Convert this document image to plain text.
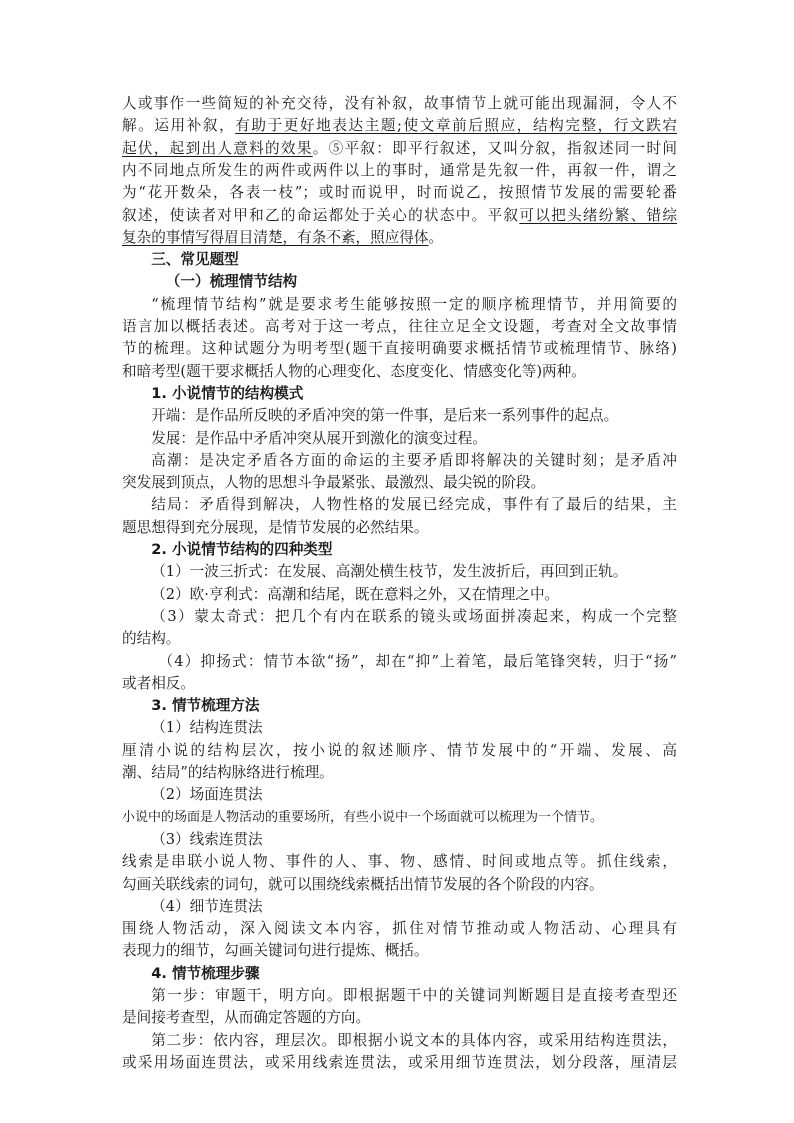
人或事作一些简短的补充交待，没有补叙，故事情节上就可能出现漏洞，令人不
解。运用补叙，有助于更好地表达主题;使文章前后照应，结构完整，行文跌宕
起伏，起到出人意料的效果。⑤平叙：即平行叙述，又叫分叙，指叙述同一时间
内不同地点所发生的两件或两件以上的事时，通常是先叙一件，再叙一件，谓之
为“花开数朵，各表一枝”；或时而说甲，时而说乙，按照情节发展的需要轮番
叙述，使读者对甲和乙的命运都处于关心的状态中。平叙可以把头绪纷繁、错综
复杂的事情写得眉目清楚，有条不紊，照应得体。
三、常见题型
（一）梳理情节结构
“梳理情节结构”就是要求考生能够按照一定的顺序梳理情节，并用简要的
语言加以概括表述。高考对于这一考点，往往立足全文设题，考查对全文故事情
节的梳理。这种试题分为明考型(题干直接明确要求概括情节或梳理情节、脉络)
和暗考型(题干要求概括人物的心理变化、态度变化、情感变化等)两种。
1. 小说情节的结构模式
开端：是作品所反映的矛盾冲突的第一件事，是后来一系列事件的起点。
发展：是作品中矛盾冲突从展开到激化的演变过程。
高潮：是决定矛盾各方面的命运的主要矛盾即将解决的关键时刻；是矛盾冲
突发展到顶点，人物的思想斗争最紧张、最激烈、最尖锐的阶段。
结局：矛盾得到解决，人物性格的发展已经完成，事件有了最后的结果，主
题思想得到充分展现，是情节发展的必然结果。
2. 小说情节结构的四种类型
（1）一波三折式：在发展、高潮处横生枝节，发生波折后，再回到正轨。
（2）欧·亨利式：高潮和结尾，既在意料之外，又在情理之中。
（3）蒙太奇式：把几个有内在联系的镜头或场面拼凑起来，构成一个完整
的结构。
（4）抑扬式：情节本欲“扬”，却在“抑”上着笔，最后笔锋突转，归于“扬”
或者相反。
3. 情节梳理方法
（1）结构连贯法
厘清小说的结构层次，按小说的叙述顺序、情节发展中的“开端、发展、高
潮、结局”的结构脉络进行梳理。
（2）场面连贯法
小说中的场面是人物活动的重要场所，有些小说中一个场面就可以梳理为一个情节。
（3）线索连贯法
线索是串联小说人物、事件的人、事、物、感情、时间或地点等。抓住线索，
勾画关联线索的词句，就可以围绕线索概括出情节发展的各个阶段的内容。
（4）细节连贯法
围绕人物活动，深入阅读文本内容，抓住对情节推动或人物活动、心理具有
表现力的细节，勾画关键词句进行提炼、概括。
4. 情节梳理步骤
第一步：审题干，明方向。即根据题干中的关键词判断题目是直接考查型还
是间接考查型，从而确定答题的方向。
第二步：依内容，理层次。即根据小说文本的具体内容，或采用结构连贯法，
或采用场面连贯法，或采用线索连贯法，或采用细节连贯法，划分段落，厘清层
